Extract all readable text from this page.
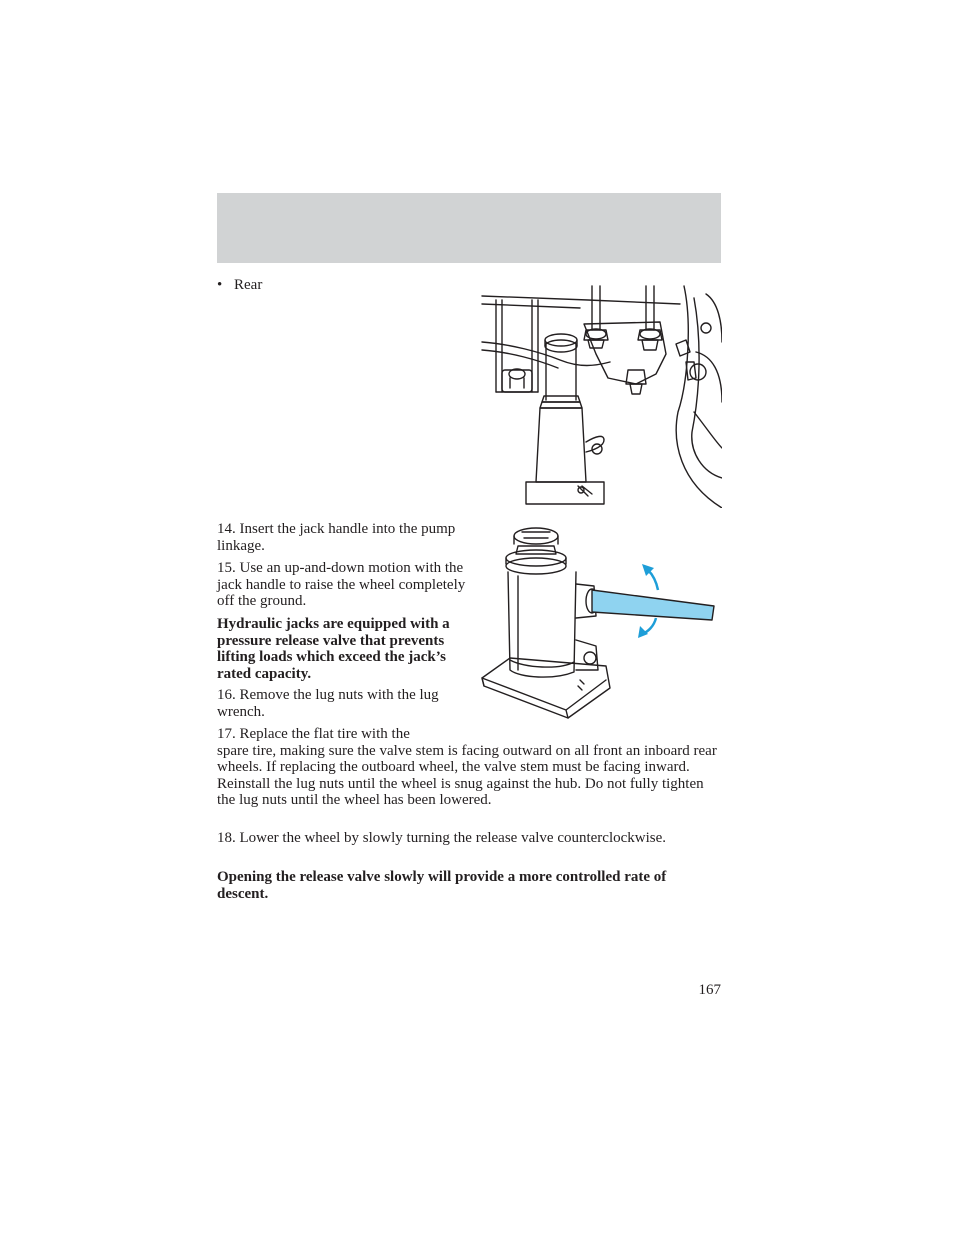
• Rear

14. Insert the jack handle into the pump linkage.

15. Use an up-and-down motion with the jack handle to raise the wheel completely off the ground.

Hydraulic jacks are equipped with a pressure release valve that prevents lifting loads which exceed the jack’s rated capacity.

16. Remove the lug nuts with the lug wrench.

17. Replace the flat tire with the
spare tire, making sure the valve stem is facing outward on all front an inboard rear wheels. If replacing the outboard wheel, the valve stem must be facing inward. Reinstall the lug nuts until the wheel is snug against the hub. Do not fully tighten the lug nuts until the wheel has been lowered.

18. Lower the wheel by slowly turning the release valve counterclockwise.

Opening the release valve slowly will provide a more controlled rate of descent.

167
